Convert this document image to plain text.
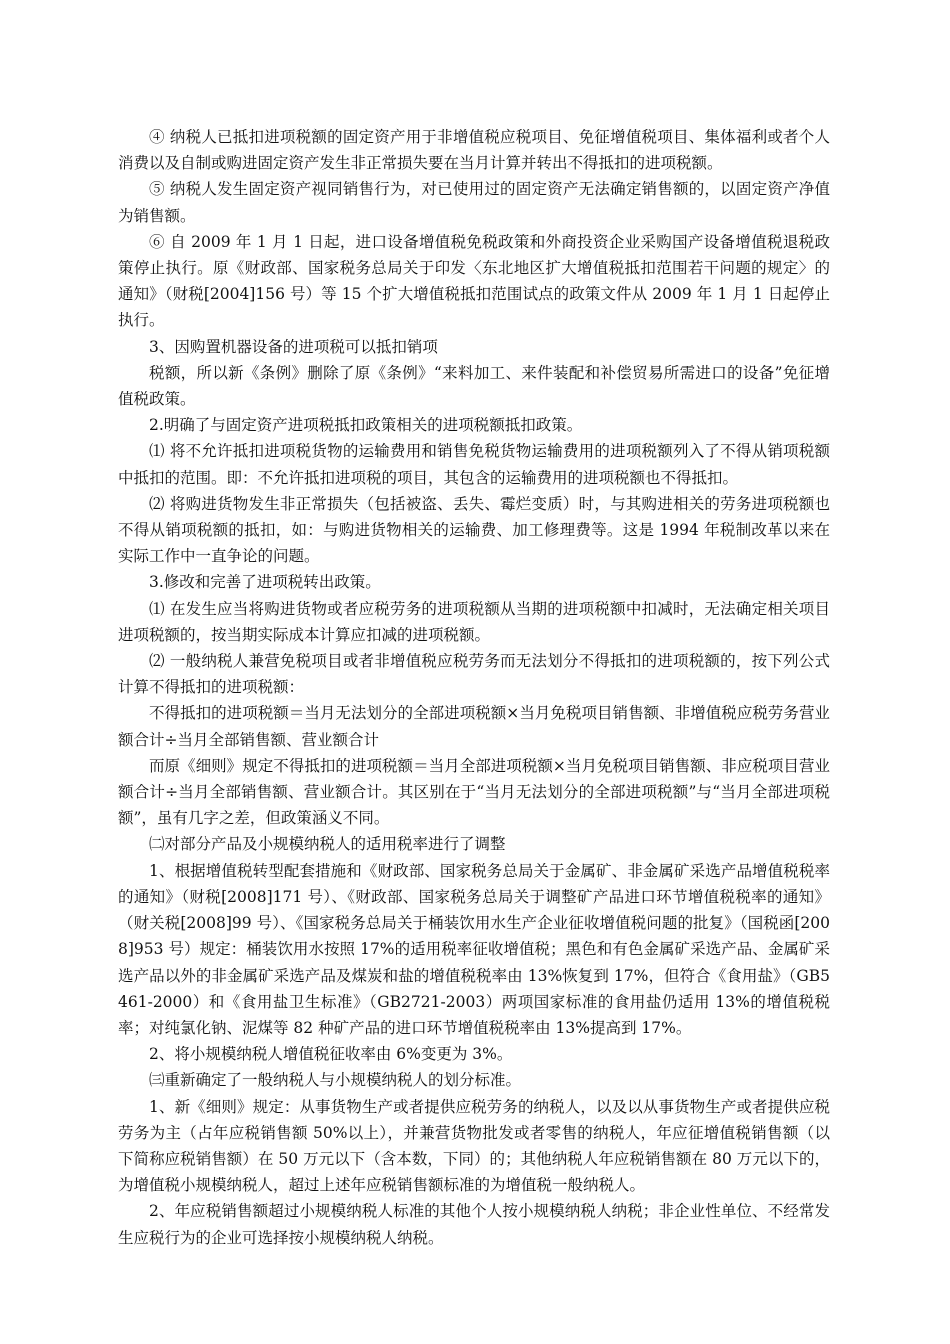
④ 纳税人已抵扣进项税额的固定资产用于非增值税应税项目、免征增值税项目、集体福利或者个人消费以及自制或购进固定资产发生非正常损失要在当月计算并转出不得抵扣的进项税额。

⑤ 纳税人发生固定资产视同销售行为，对已使用过的固定资产无法确定销售额的，以固定资产净值为销售额。

⑥ 自 2009 年 1 月 1 日起，进口设备增值税免税政策和外商投资企业采购国产设备增值税退税政策停止执行。原《财政部、国家税务总局关于印发〈东北地区扩大增值税抵扣范围若干问题的规定〉的通知》（财税[2004]156 号）等 15 个扩大增值税抵扣范围试点的政策文件从 2009 年 1 月 1 日起停止执行。

3、因购置机器设备的进项税可以抵扣销项

税额，所以新《条例》删除了原《条例》“来料加工、来件装配和补偿贸易所需进口的设备”免征增值税政策。

2.明确了与固定资产进项税抵扣政策相关的进项税额抵扣政策。

⑴ 将不允许抵扣进项税货物的运输费用和销售免税货物运输费用的进项税额列入了不得从销项税额中抵扣的范围。即：不允许抵扣进项税的项目，其包含的运输费用的进项税额也不得抵扣。

⑵ 将购进货物发生非正常损失（包括被盗、丢失、霉烂变质）时，与其购进相关的劳务进项税额也不得从销项税额的抵扣，如：与购进货物相关的运输费、加工修理费等。这是 1994 年税制改革以来在实际工作中一直争论的问题。

3.修改和完善了进项税转出政策。

⑴ 在发生应当将购进货物或者应税劳务的进项税额从当期的进项税额中扣减时，无法确定相关项目进项税额的，按当期实际成本计算应扣减的进项税额。

⑵ 一般纳税人兼营免税项目或者非增值税应税劳务而无法划分不得抵扣的进项税额的，按下列公式计算不得抵扣的进项税额：

不得抵扣的进项税额＝当月无法划分的全部进项税额×当月免税项目销售额、非增值税应税劳务营业额合计÷当月全部销售额、营业额合计

而原《细则》规定不得抵扣的进项税额＝当月全部进项税额×当月免税项目销售额、非应税项目营业额合计÷当月全部销售额、营业额合计。其区别在于“当月无法划分的全部进项税额”与“当月全部进项税额”，虽有几字之差，但政策涵义不同。

㈡对部分产品及小规模纳税人的适用税率进行了调整

1、根据增值税转型配套措施和《财政部、国家税务总局关于金属矿、非金属矿采选产品增值税税率的通知》（财税[2008]171 号）、《财政部、国家税务总局关于调整矿产品进口环节增值税税率的通知》（财关税[2008]99 号）、《国家税务总局关于桶装饮用水生产企业征收增值税问题的批复》（国税函[2008]953 号）规定：桶装饮用水按照 17%的适用税率征收增值税；黑色和有色金属矿采选产品、金属矿采选产品以外的非金属矿采选产品及煤炭和盐的增值税税率由 13%恢复到 17%，但符合《食用盐》（GB5461-2000）和《食用盐卫生标准》（GB2721-2003）两项国家标准的食用盐仍适用 13%的增值税税率；对纯氯化钠、泥煤等 82 种矿产品的进口环节增值税税率由 13%提高到 17%。

2、将小规模纳税人增值税征收率由 6%变更为 3%。

㈢重新确定了一般纳税人与小规模纳税人的划分标准。

1、新《细则》规定：从事货物生产或者提供应税劳务的纳税人，以及以从事货物生产或者提供应税劳务为主（占年应税销售额 50%以上），并兼营货物批发或者零售的纳税人，年应征增值税销售额（以下简称应税销售额）在 50 万元以下（含本数，下同）的；其他纳税人年应税销售额在 80 万元以下的，为增值税小规模纳税人，超过上述年应税销售额标准的为增值税一般纳税人。

2、年应税销售额超过小规模纳税人标准的其他个人按小规模纳税人纳税；非企业性单位、不经常发生应税行为的企业可选择按小规模纳税人纳税。
